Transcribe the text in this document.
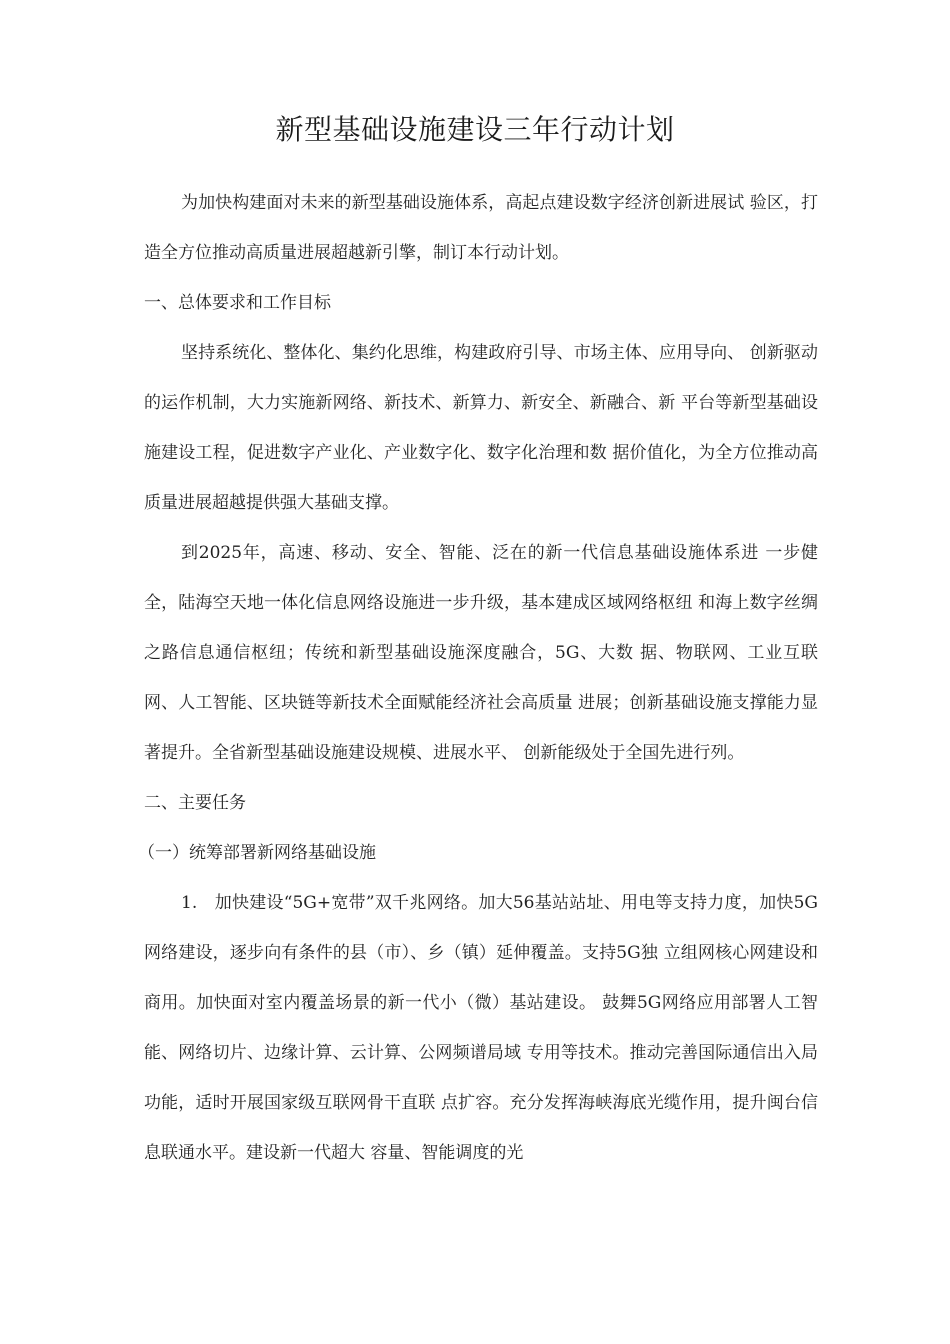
新型基础设施建设三年行动计划

为加快构建面对未来的新型基础设施体系，高起点建设数字经济创新进展试 验区，打造全方位推动高质量进展超越新引擎，制订本行动计划。

一、总体要求和工作目标

坚持系统化、整体化、集约化思维，构建政府引导、市场主体、应用导向、 创新驱动的运作机制，大力实施新网络、新技术、新算力、新安全、新融合、新 平台等新型基础设施建设工程，促进数字产业化、产业数字化、数字化治理和数 据价值化，为全方位推动高质量进展超越提供强大基础支撑。

到2025年，高速、移动、安全、智能、泛在的新一代信息基础设施体系进 一步健全，陆海空天地一体化信息网络设施进一步升级，基本建成区域网络枢纽 和海上数字丝绸之路信息通信枢纽；传统和新型基础设施深度融合，5G、大数 据、物联网、工业互联网、人工智能、区块链等新技术全面赋能经济社会高质量 进展；创新基础设施支撑能力显著提升。全省新型基础设施建设规模、进展水平、 创新能级处于全国先进行列。

二、主要任务

（一）统筹部署新网络基础设施

1.　加快建设“5G+宽带”双千兆网络。加大56基站站址、用电等支持力度，加快5G网络建设，逐步向有条件的县（市）、乡（镇）延伸覆盖。支持5G独 立组网核心网建设和商用。加快面对室内覆盖场景的新一代小（微）基站建设。 鼓舞5G网络应用部署人工智能、网络切片、边缘计算、云计算、公网频谱局域 专用等技术。推动完善国际通信出入局功能，适时开展国家级互联网骨干直联 点扩容。充分发挥海峡海底光缆作用，提升闽台信息联通水平。建设新一代超大 容量、智能调度的光
